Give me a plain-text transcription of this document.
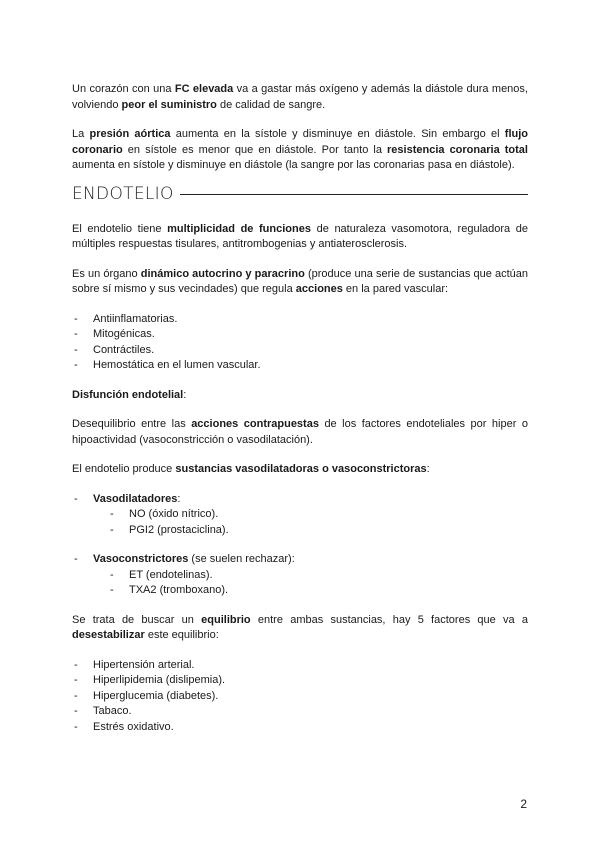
Un corazón con una FC elevada va a gastar más oxígeno y además la diástole dura menos, volviendo peor el suministro de calidad de sangre.

La presión aórtica aumenta en la sístole y disminuye en diástole. Sin embargo el flujo coronario en sístole es menor que en diástole. Por tanto la resistencia coronaria total aumenta en sístole y disminuye en diástole (la sangre por las coronarias pasa en diástole).

ENDOTELIO

El endotelio tiene multiplicidad de funciones de naturaleza vasomotora, reguladora de múltiples respuestas tisulares, antitrombogenias y antiaterosclerosis.

Es un órgano dinámico autocrino y paracrino (produce una serie de sustancias que actúan sobre sí mismo y sus vecindades) que regula acciones en la pared vascular:

- Antiinflamatorias.
- Mitogénicas.
- Contráctiles.
- Hemostática en el lumen vascular.

Disfunción endotelial:

Desequilibrio entre las acciones contrapuestas de los factores endoteliales por hiper o hipoactividad (vasoconstricción o vasodilatación).

El endotelio produce sustancias vasodilatadoras o vasoconstrictoras:

- Vasodilatadores:
- NO (óxido nítrico).
- PGI2 (prostaciclina).
- Vasoconstrictores (se suelen rechazar):
- ET (endotelinas).
- TXA2 (tromboxano).

Se trata de buscar un equilibrio entre ambas sustancias, hay 5 factores que va a desestabilizar este equilibrio:

- Hipertensión arterial.
- Hiperlipidemia (dislipemia).
- Hiperglucemia (diabetes).
- Tabaco.
- Estrés oxidativo.
2
